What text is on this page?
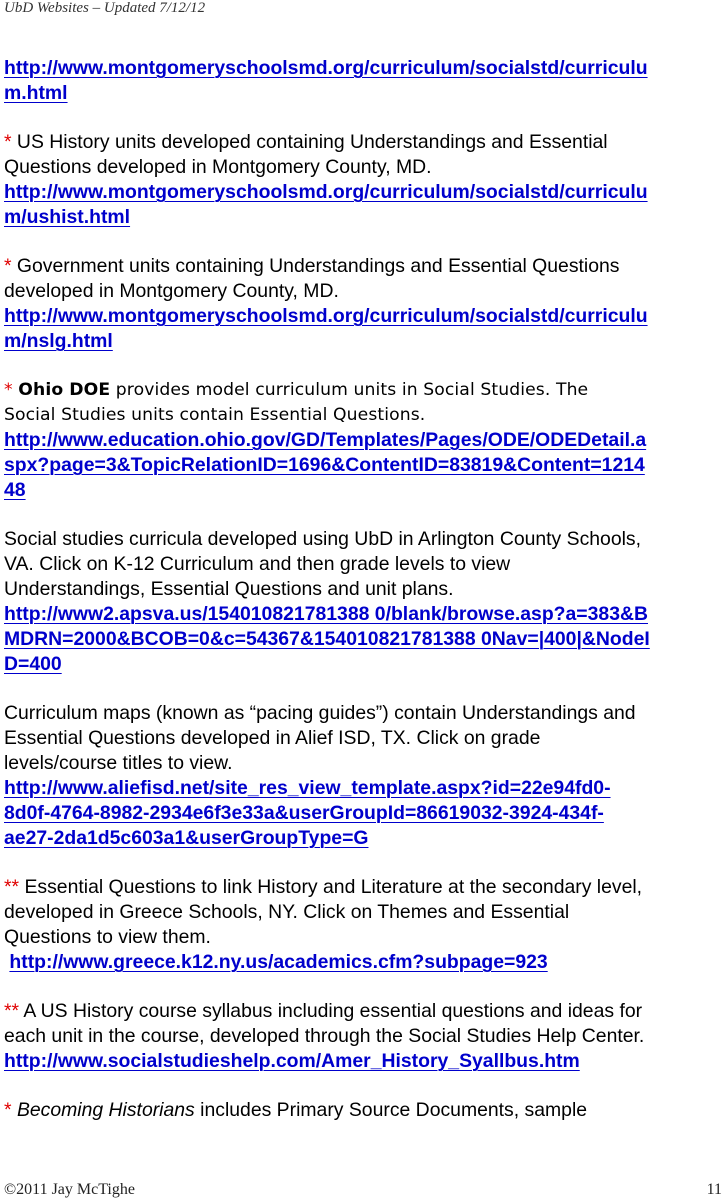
UbD Websites – Updated 7/12/12
http://www.montgomeryschoolsmd.org/curriculum/socialstd/curriculu
m.html
* US History units developed containing Understandings and Essential
Questions developed in Montgomery County, MD.
http://www.montgomeryschoolsmd.org/curriculum/socialstd/curriculu
m/ushist.html
* Government units containing Understandings and Essential Questions
developed in Montgomery County, MD.
http://www.montgomeryschoolsmd.org/curriculum/socialstd/curriculu
m/nslg.html
* Ohio DOE provides model curriculum units in Social Studies. The
Social Studies units contain Essential Questions.
http://www.education.ohio.gov/GD/Templates/Pages/ODE/ODEDetail.a
spx?page=3&TopicRelationID=1696&ContentID=83819&Content=1214
48
Social studies curricula developed using UbD in Arlington County Schools,
VA. Click on K-12 Curriculum and then grade levels to view
Understandings, Essential Questions and unit plans.
http://www2.apsva.us/154010821781388 0/blank/browse.asp?a=383&B
MDRN=2000&BCOB=0&c=54367&154010821781388 0Nav=|400|&NodeI
D=400
Curriculum maps (known as “pacing guides”) contain Understandings and
Essential Questions developed in Alief ISD, TX. Click on grade
levels/course titles to view.
http://www.aliefisd.net/site_res_view_template.aspx?id=22e94fd0-
8d0f-4764-8982-2934e6f3e33a&userGroupId=86619032-3924-434f-
ae27-2da1d5c603a1&userGroupType=G
** Essential Questions to link History and Literature at the secondary level,
developed in Greece Schools, NY. Click on Themes and Essential
Questions to view them.
http://www.greece.k12.ny.us/academics.cfm?subpage=923
** A US History course syllabus including essential questions and ideas for
each unit in the course, developed through the Social Studies Help Center.
http://www.socialstudieshelp.com/Amer_History_Syallbus.htm
* Becoming Historians includes Primary Source Documents, sample
©2011 Jay McTighe	11
